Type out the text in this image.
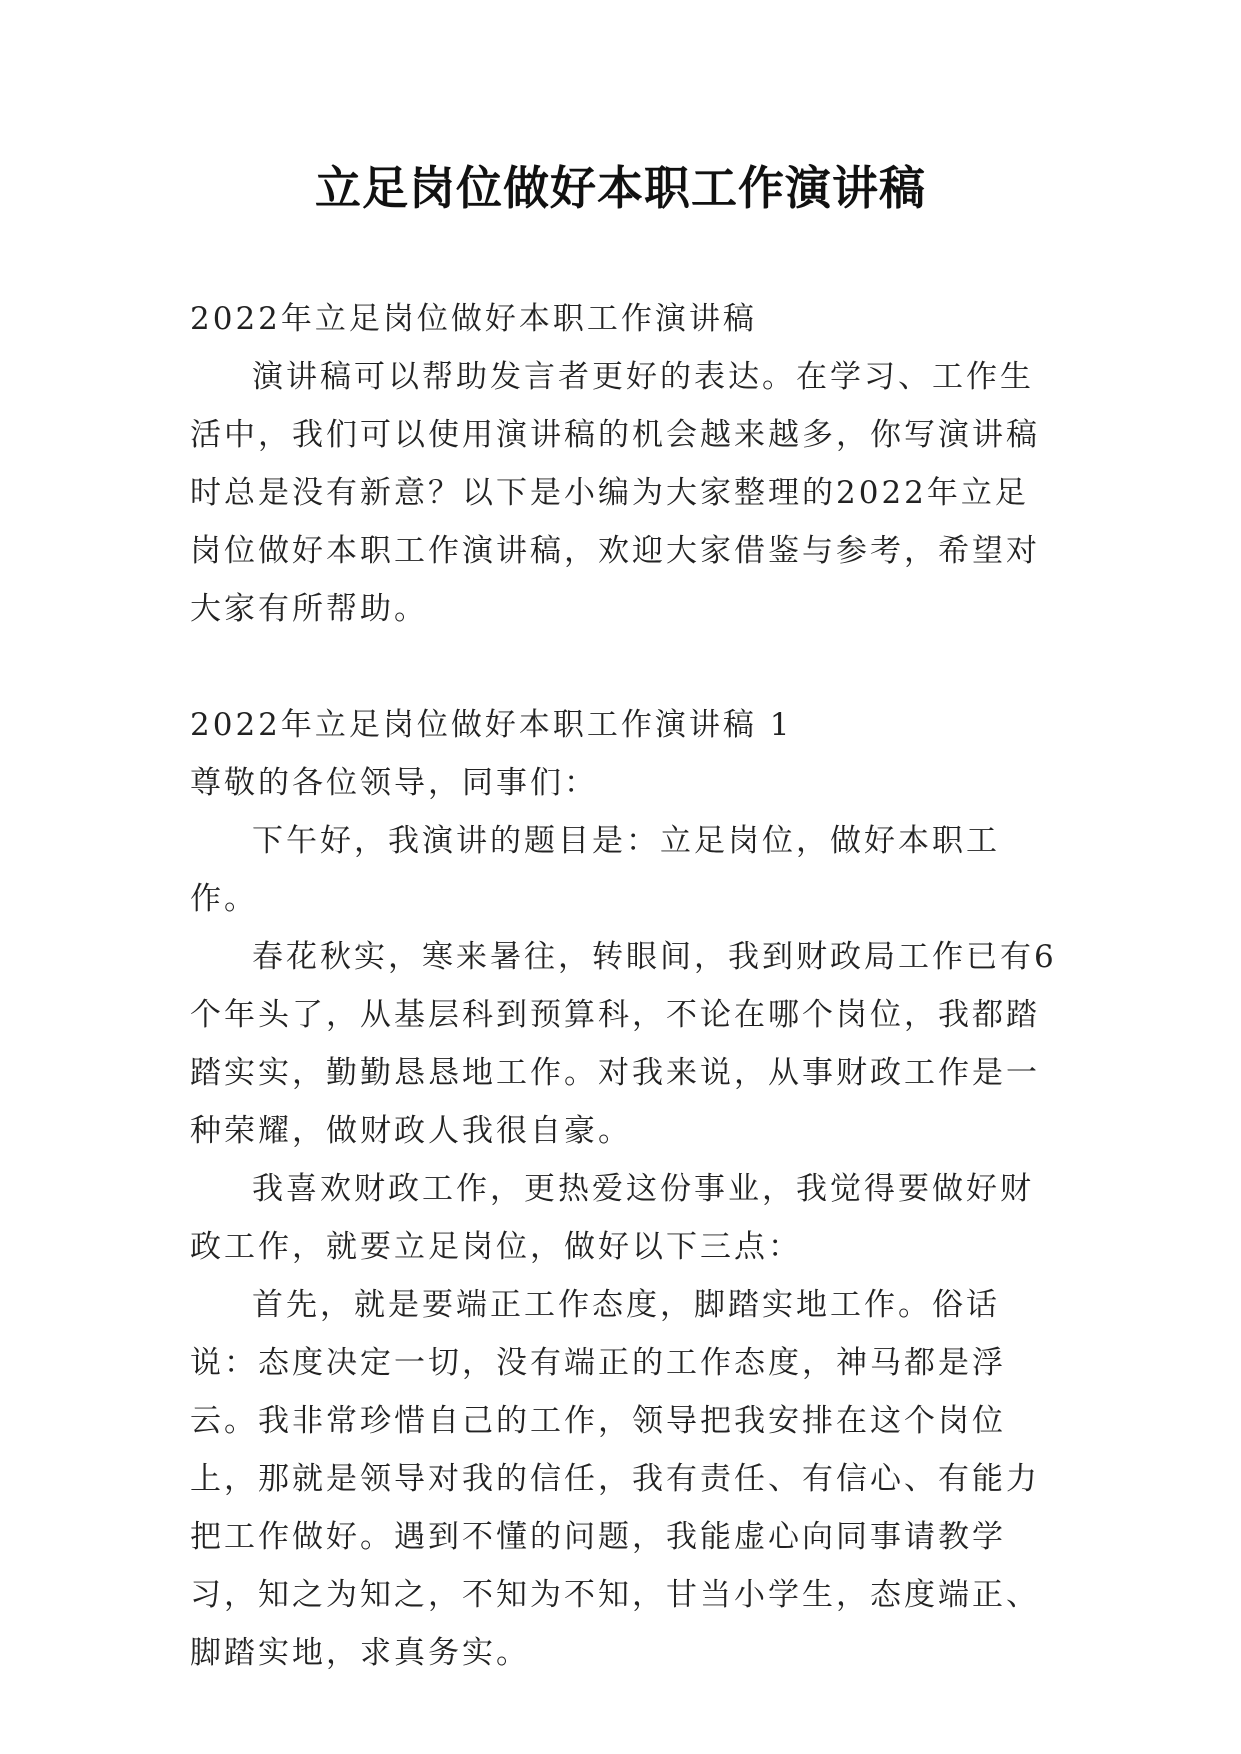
立足岗位做好本职工作演讲稿

2022年立足岗位做好本职工作演讲稿

演讲稿可以帮助发言者更好的表达。在学习、工作生活中，我们可以使用演讲稿的机会越来越多，你写演讲稿时总是没有新意？以下是小编为大家整理的2022年立足岗位做好本职工作演讲稿，欢迎大家借鉴与参考，希望对大家有所帮助。

2022年立足岗位做好本职工作演讲稿 1

尊敬的各位领导，同事们：

下午好，我演讲的题目是：立足岗位，做好本职工作。

春花秋实，寒来暑往，转眼间，我到财政局工作已有6个年头了，从基层科到预算科，不论在哪个岗位，我都踏踏实实，勤勤恳恳地工作。对我来说，从事财政工作是一种荣耀，做财政人我很自豪。

我喜欢财政工作，更热爱这份事业，我觉得要做好财政工作，就要立足岗位，做好以下三点：

首先，就是要端正工作态度，脚踏实地工作。俗话说：态度决定一切，没有端正的工作态度，神马都是浮云。我非常珍惜自己的工作，领导把我安排在这个岗位上，那就是领导对我的信任，我有责任、有信心、有能力把工作做好。遇到不懂的问题，我能虚心向同事请教学习，知之为知之，不知为不知，甘当小学生，态度端正、脚踏实地，求真务实。
